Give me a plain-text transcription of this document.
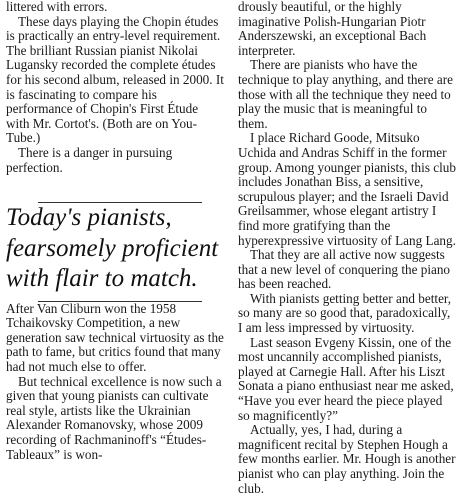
littered with errors.

These days playing the Chopin études is practically an entry-level requirement. The brilliant Russian pianist Nikolai Lugansky recorded the complete études for his second album, released in 2000. It is fascinating to compare his performance of Chopin's First Étude with Mr. Cortot's. (Both are on You-Tube.)

There is a danger in pursuing perfection.

Today's pianists, fearsomely proficient with flair to match.

After Van Cliburn won the 1958 Tchaikovsky Competition, a new generation saw technical virtuosity as the path to fame, but critics found that many had not much else to offer.

But technical excellence is now such a given that young pianists can cultivate real style, artists like the Ukrainian Alexander Romanovsky, whose 2009 recording of Rachmaninoff's “Études-Tableaux” is won-

drously beautiful, or the highly imaginative Polish-Hungarian Piotr Anderszewski, an exceptional Bach interpreter.

There are pianists who have the technique to play anything, and there are those with all the technique they need to play the music that is meaningful to them.

I place Richard Goode, Mitsuko Uchida and Andras Schiff in the former group. Among younger pianists, this club includes Jonathan Biss, a sensitive, scrupulous player; and the Israeli David Greilsammer, whose elegant artistry I find more gratifying than the hyperexpressive virtuosity of Lang Lang.

That they are all active now suggests that a new level of conquering the piano has been reached.

With pianists getting better and better, so many are so good that, paradoxically, I am less impressed by virtuosity.

Last season Evgeny Kissin, one of the most uncannily accomplished pianists, played at Carnegie Hall. After his Liszt Sonata a piano enthusiast near me asked, “Have you ever heard the piece played so magnificently?”

Actually, yes, I had, during a magnificent recital by Stephen Hough a few months earlier. Mr. Hough is another pianist who can play anything. Join the club.
